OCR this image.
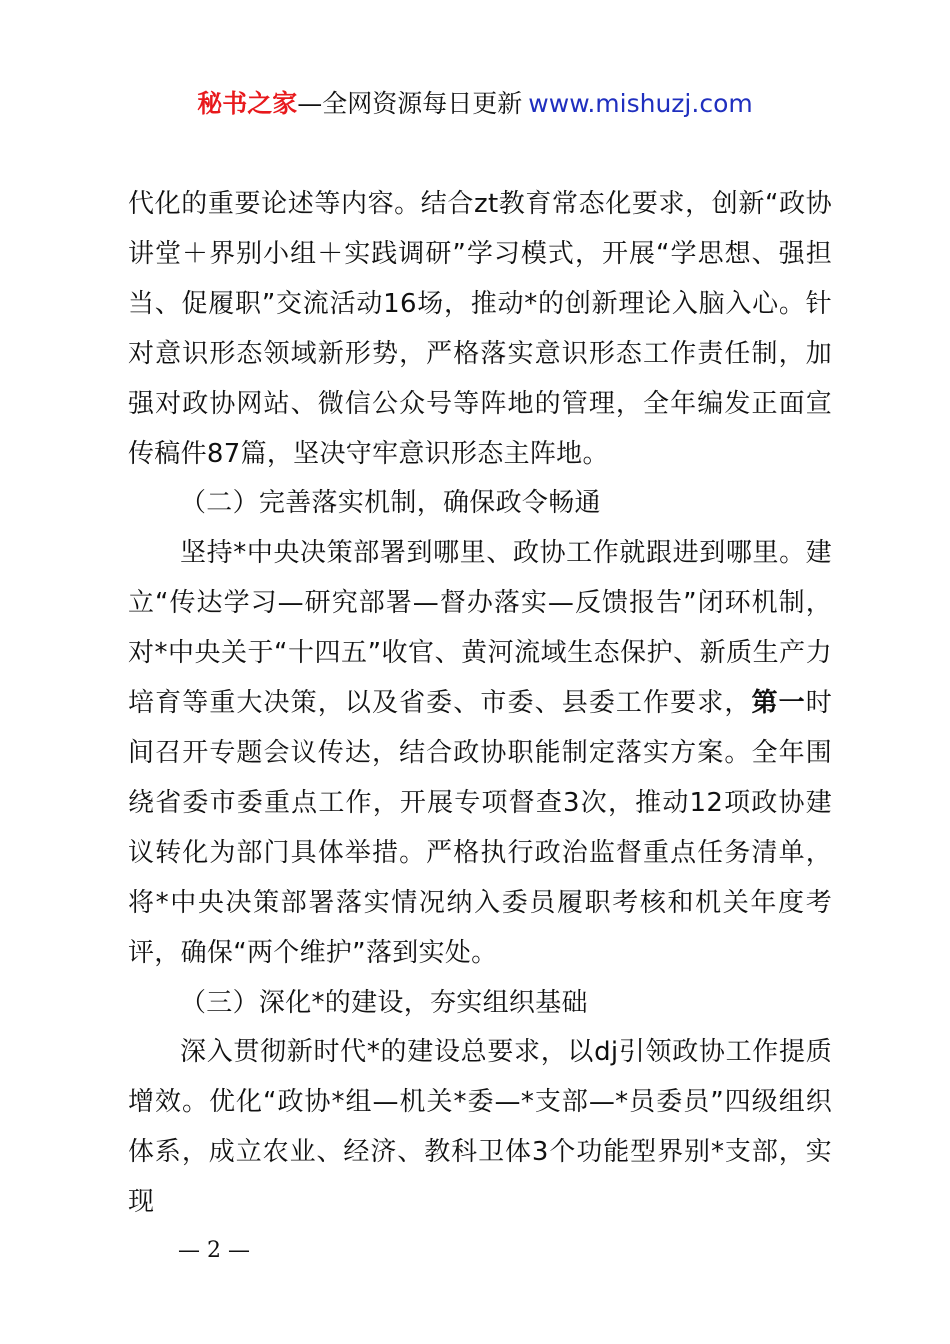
秘书之家—全网资源每日更新 www.mishuzj.com

代化的重要论述等内容。结合zt教育常态化要求，创新“政协讲堂＋界别小组＋实践调研”学习模式，开展“学思想、强担当、促履职”交流活动16场，推动*的创新理论入脑入心。针对意识形态领域新形势，严格落实意识形态工作责任制，加强对政协网站、微信公众号等阵地的管理，全年编发正面宣传稿件87篇，坚决守牢意识形态主阵地。

（二）完善落实机制，确保政令畅通

坚持*中央决策部署到哪里、政协工作就跟进到哪里。建立“传达学习—研究部署—督办落实—反馈报告”闭环机制，对*中央关于“十四五”收官、黄河流域生态保护、新质生产力培育等重大决策，以及省委、市委、县委工作要求，第一时间召开专题会议传达，结合政协职能制定落实方案。全年围绕省委市委重点工作，开展专项督查3次，推动12项政协建议转化为部门具体举措。严格执行政治监督重点任务清单，将*中央决策部署落实情况纳入委员履职考核和机关年度考评，确保“两个维护”落到实处。

（三）深化*的建设，夯实组织基础

深入贯彻新时代*的建设总要求，以dj引领政协工作提质增效。优化“政协*组—机关*委—*支部—*员委员”四级组织体系，成立农业、经济、教科卫体3个功能型界别*支部，实现

— 2 —
